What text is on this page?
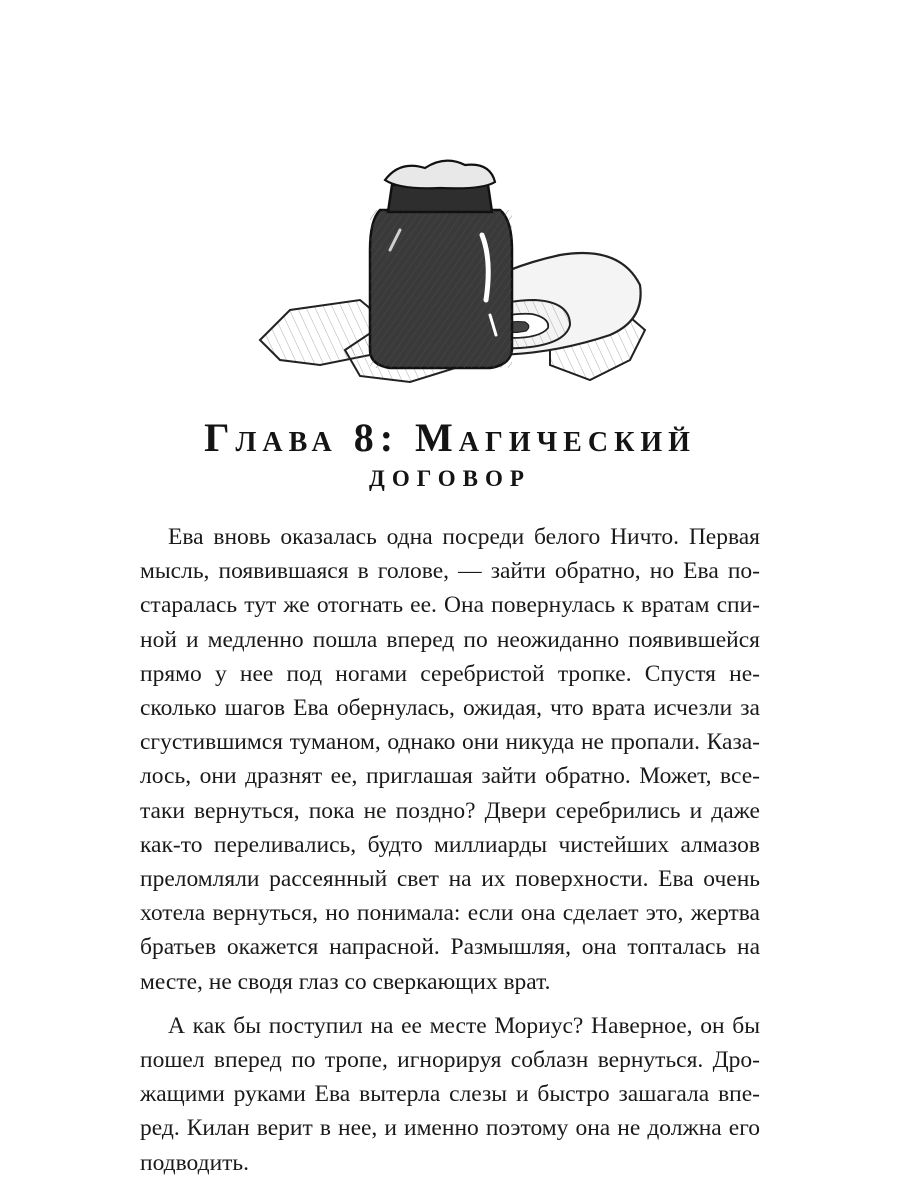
Глава 8: Магический
договор

Ева вновь оказалась одна посреди белого Ничто. Первая мысль, появившаяся в голове, — зайти обратно, но Ева постаралась тут же отогнать ее. Она повернулась к вратам спиной и медленно пошла вперед по неожиданно появившейся прямо у нее под ногами серебристой тропке. Спустя несколько шагов Ева обернулась, ожидая, что врата исчезли за сгустившимся туманом, однако они никуда не пропали. Казалось, они дразнят ее, приглашая зайти обратно. Может, все-таки вернуться, пока не поздно? Двери серебрились и даже как-то переливались, будто миллиарды чистейших алмазов преломляли рассеянный свет на их поверхности. Ева очень хотела вернуться, но понимала: если она сделает это, жертва братьев окажется напрасной. Размышляя, она топталась на месте, не сводя глаз со сверкающих врат.

А как бы поступил на ее месте Мориус? Наверное, он бы пошел вперед по тропе, игнорируя соблазн вернуться. Дрожащими руками Ева вытерла слезы и быстро зашагала вперед. Килан верит в нее, и именно поэтому она не должна его подводить.
